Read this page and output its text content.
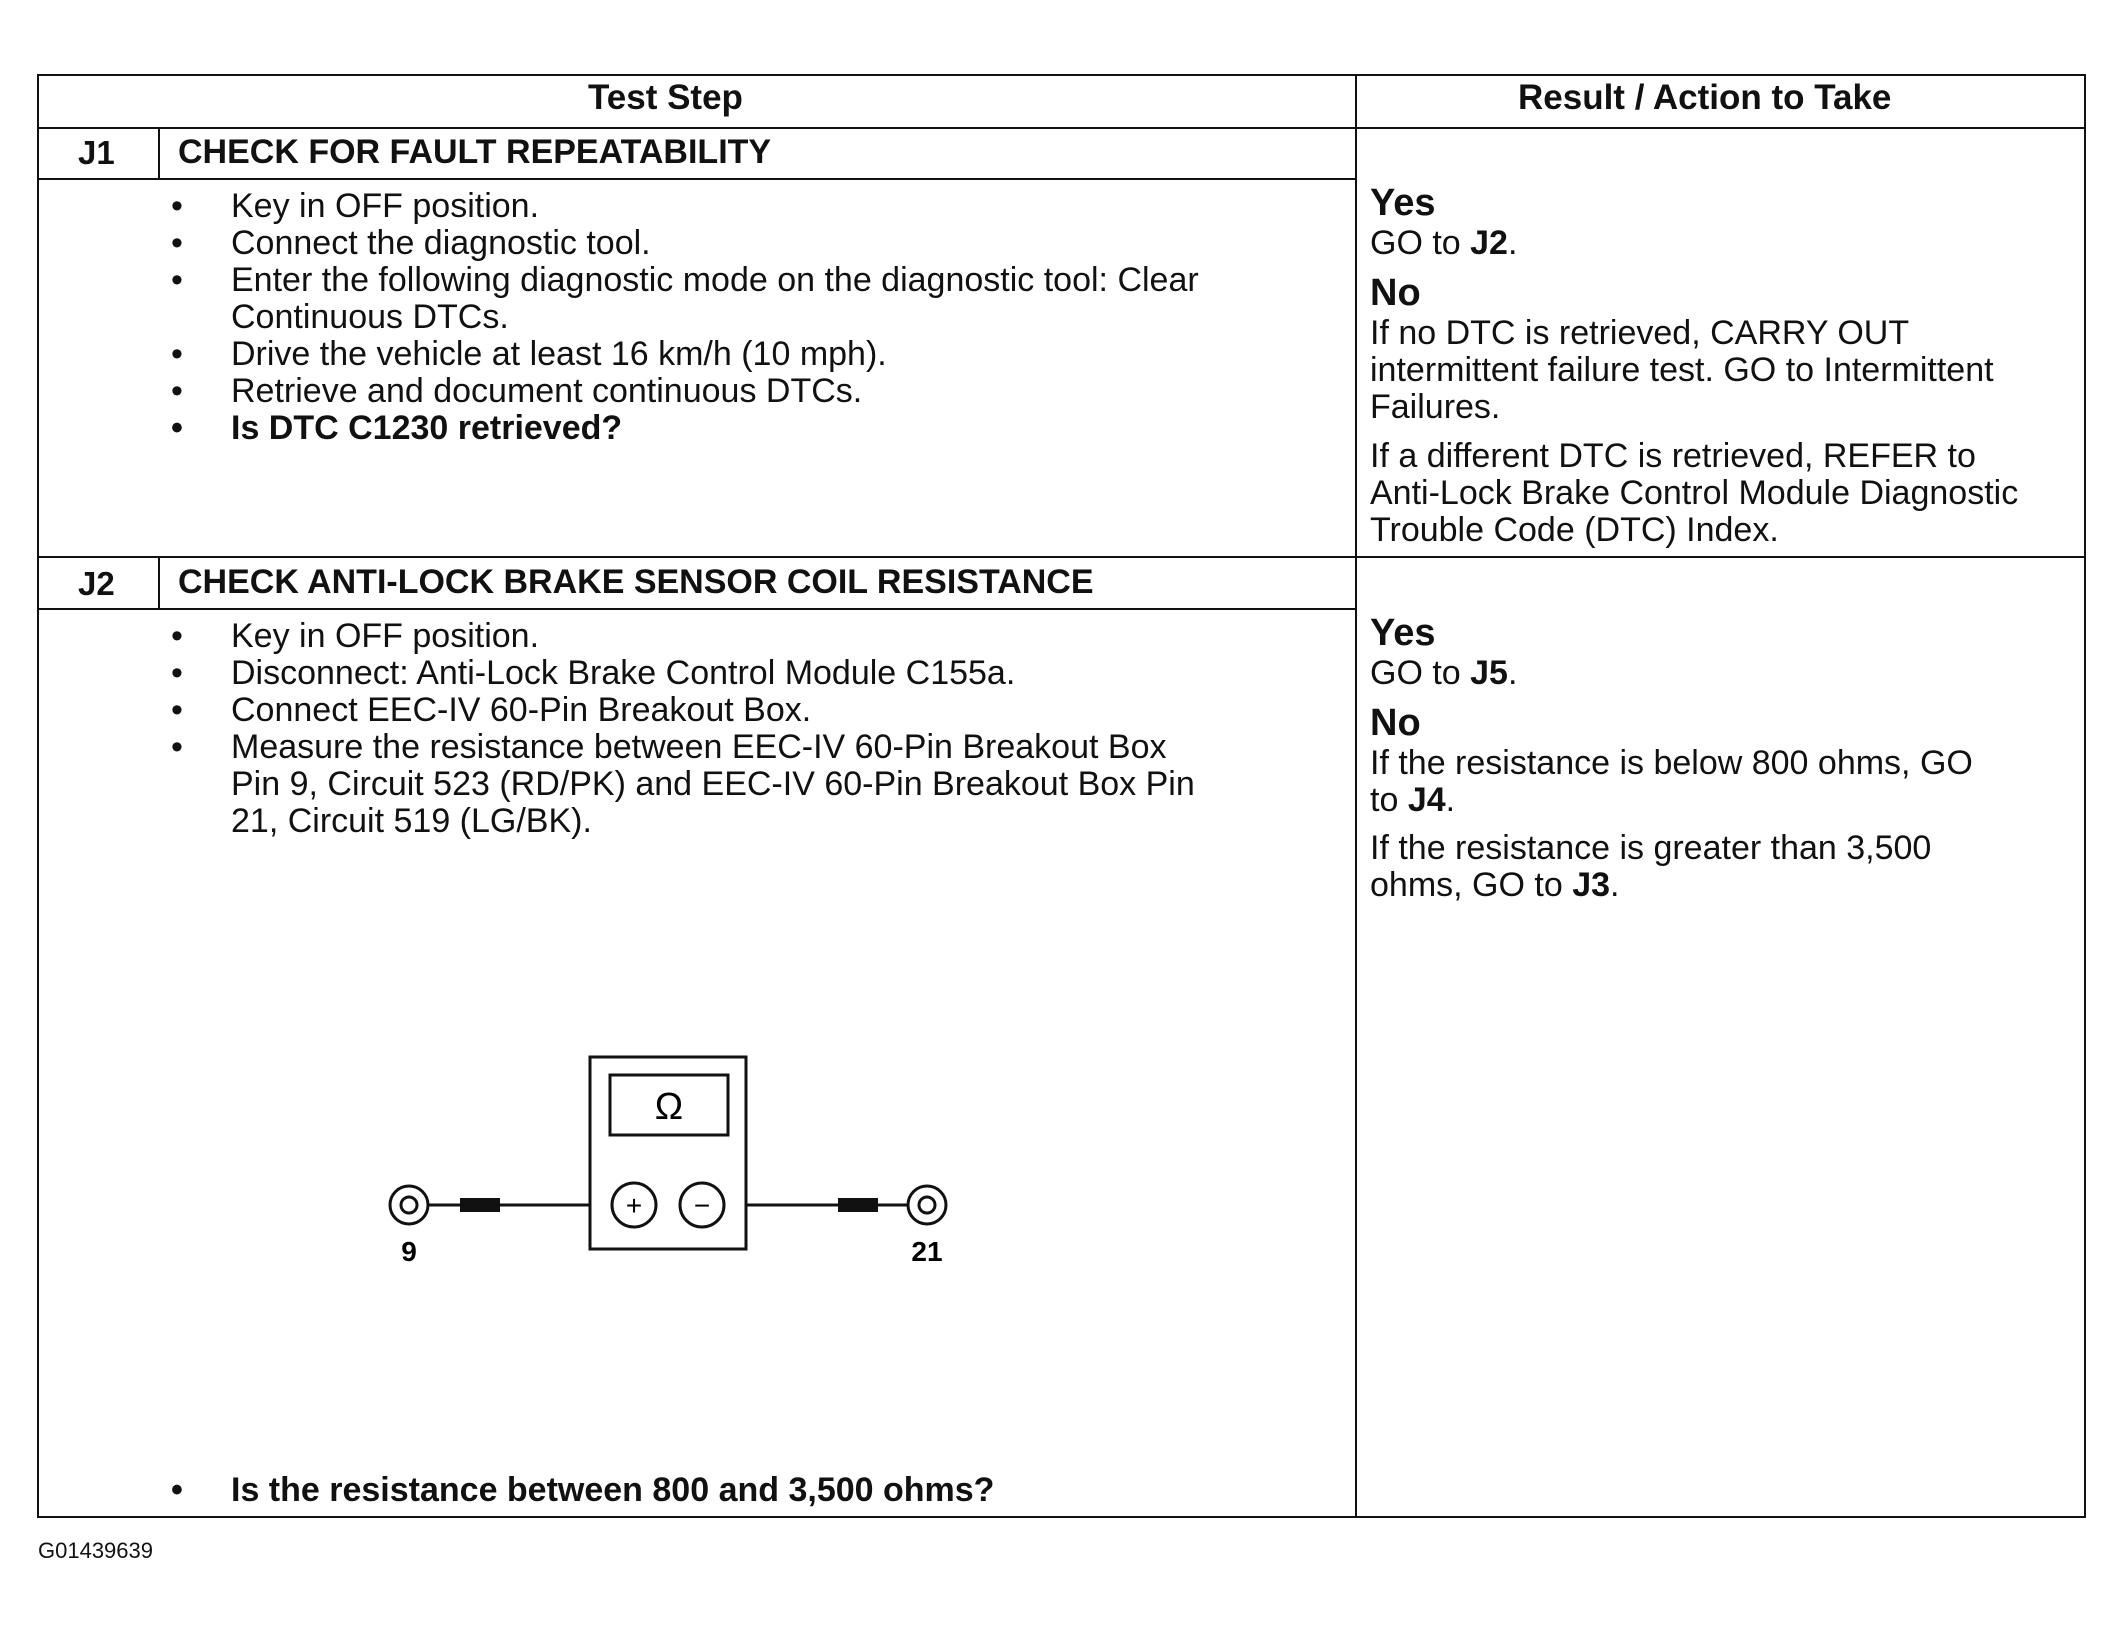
Test Step	Result / Action to Take
J1 CHECK FOR FAULT REPEATABILITY
• Key in OFF position.
• Connect the diagnostic tool.
• Enter the following diagnostic mode on the diagnostic tool: Clear
Continuous DTCs.
• Drive the vehicle at least 16 km/h (10 mph).
• Retrieve and document continuous DTCs.
• Is DTC C1230 retrieved?
Yes
GO to J2.
No
If no DTC is retrieved, CARRY OUT
intermittent failure test. GO to Intermittent
Failures.
If a different DTC is retrieved, REFER to
Anti-Lock Brake Control Module Diagnostic
Trouble Code (DTC) Index.
J2 CHECK ANTI-LOCK BRAKE SENSOR COIL RESISTANCE
• Key in OFF position.
• Disconnect: Anti-Lock Brake Control Module C155a.
• Connect EEC-IV 60-Pin Breakout Box.
• Measure the resistance between EEC-IV 60-Pin Breakout Box
Pin 9, Circuit 523 (RD/PK) and EEC-IV 60-Pin Breakout Box Pin
21, Circuit 519 (LG/BK).
• Is the resistance between 800 and 3,500 ohms?
Ω
+ −
9	21
Yes
GO to J5.
No
If the resistance is below 800 ohms, GO
to J4.
If the resistance is greater than 3,500
ohms, GO to J3.
G01439639
